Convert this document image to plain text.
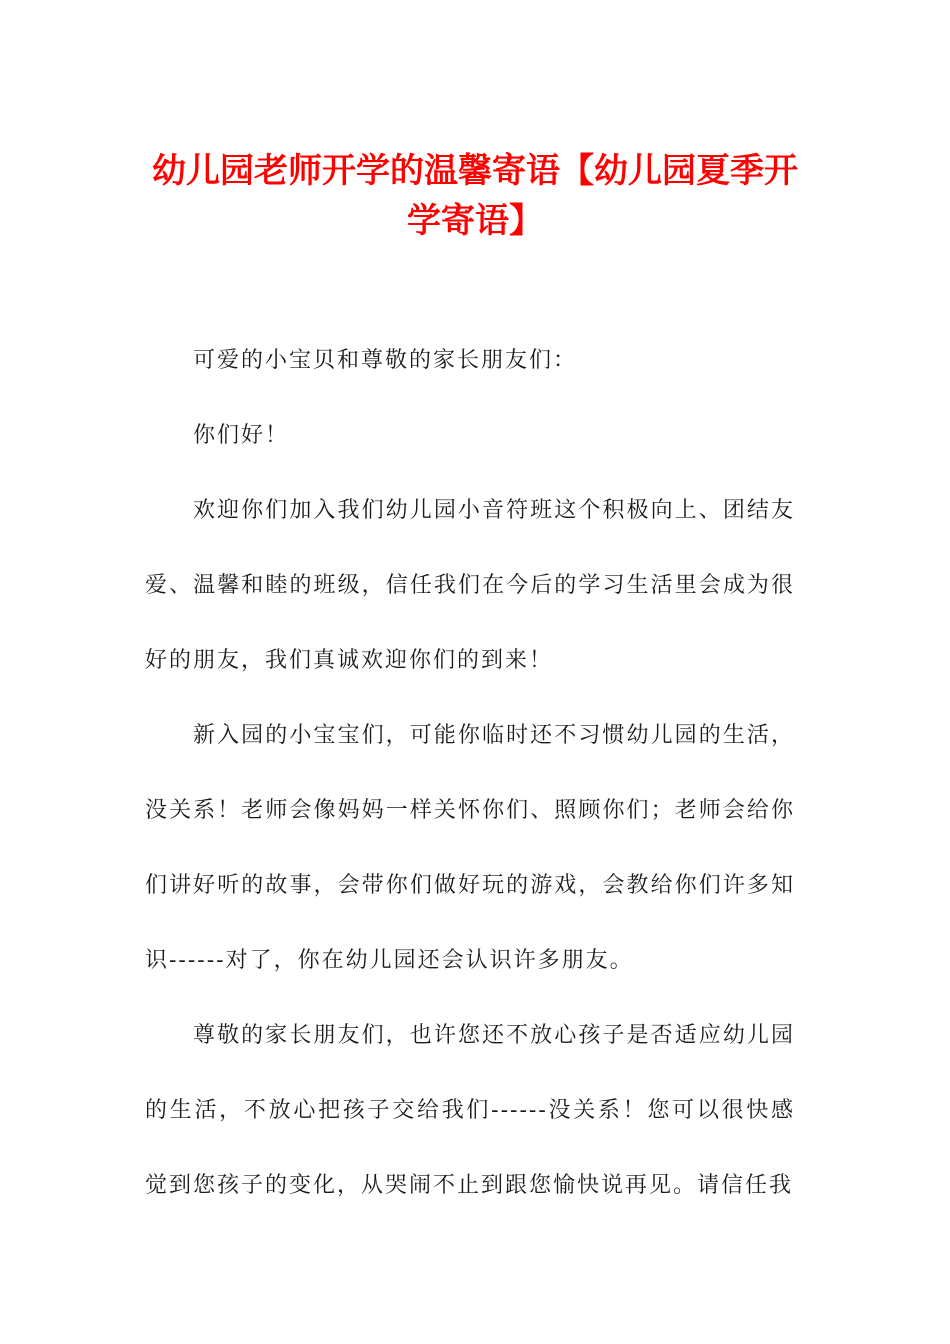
幼儿园老师开学的温馨寄语【幼儿园夏季开学寄语】

可爱的小宝贝和尊敬的家长朋友们：

你们好！

欢迎你们加入我们幼儿园小音符班这个积极向上、团结友爱、温馨和睦的班级，信任我们在今后的学习生活里会成为很好的朋友，我们真诚欢迎你们的到来！

新入园的小宝宝们，可能你临时还不习惯幼儿园的生活，没关系！老师会像妈妈一样关怀你们、照顾你们；老师会给你们讲好听的故事，会带你们做好玩的游戏，会教给你们许多知识------对了，你在幼儿园还会认识许多朋友。

尊敬的家长朋友们，也许您还不放心孩子是否适应幼儿园的生活，不放心把孩子交给我们------没关系！您可以很快感觉到您孩子的变化，从哭闹不止到跟您愉快说再见。请信任我
